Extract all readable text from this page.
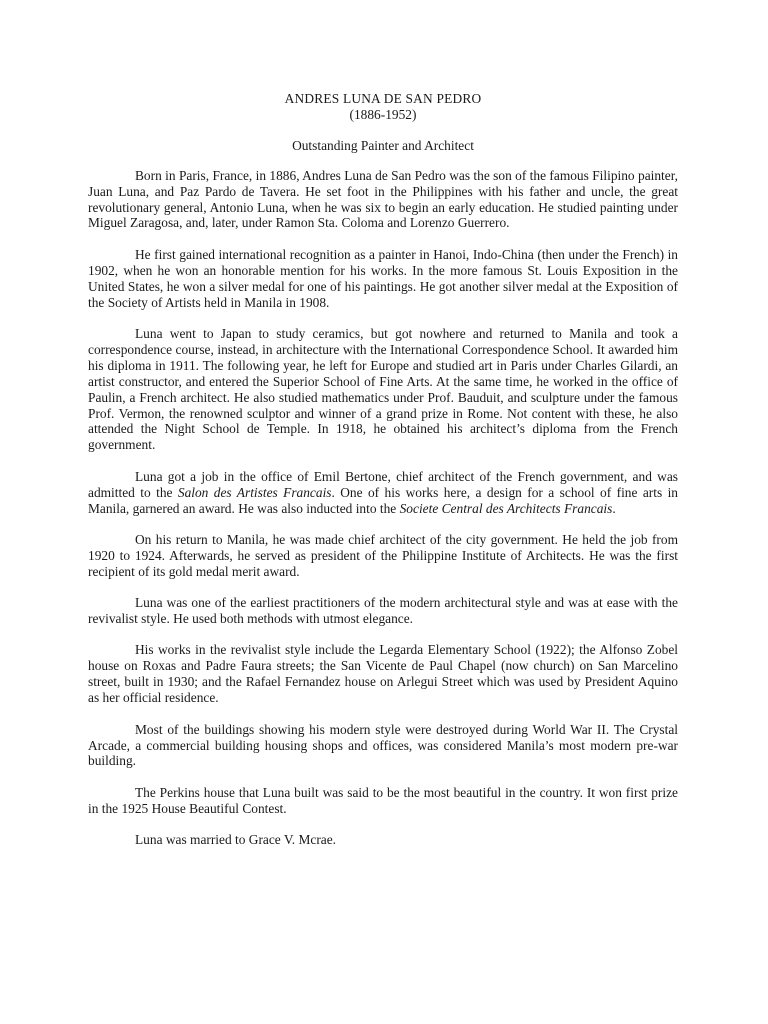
ANDRES LUNA DE SAN PEDRO

(1886-1952)

Outstanding Painter and Architect

Born in Paris, France, in 1886, Andres Luna de San Pedro was the son of the famous Filipino painter, Juan Luna, and Paz Pardo de Tavera. He set foot in the Philippines with his father and uncle, the great revolutionary general, Antonio Luna, when he was six to begin an early education. He studied painting under Miguel Zaragosa, and, later, under Ramon Sta. Coloma and Lorenzo Guerrero.

He first gained international recognition as a painter in Hanoi, Indo-China (then under the French) in 1902, when he won an honorable mention for his works. In the more famous St. Louis Exposition in the United States, he won a silver medal for one of his paintings. He got another silver medal at the Exposition of the Society of Artists held in Manila in 1908.

Luna went to Japan to study ceramics, but got nowhere and returned to Manila and took a correspondence course, instead, in architecture with the International Correspondence School. It awarded him his diploma in 1911. The following year, he left for Europe and studied art in Paris under Charles Gilardi, an artist constructor, and entered the Superior School of Fine Arts. At the same time, he worked in the office of Paulin, a French architect. He also studied mathematics under Prof. Bauduit, and sculpture under the famous Prof. Vermon, the renowned sculptor and winner of a grand prize in Rome. Not content with these, he also attended the Night School de Temple. In 1918, he obtained his architect’s diploma from the French government.

Luna got a job in the office of Emil Bertone, chief architect of the French government, and was admitted to the Salon des Artistes Francais. One of his works here, a design for a school of fine arts in Manila, garnered an award. He was also inducted into the Societe Central des Architects Francais.

On his return to Manila, he was made chief architect of the city government. He held the job from 1920 to 1924. Afterwards, he served as president of the Philippine Institute of Architects. He was the first recipient of its gold medal merit award.

Luna was one of the earliest practitioners of the modern architectural style and was at ease with the revivalist style. He used both methods with utmost elegance.

His works in the revivalist style include the Legarda Elementary School (1922); the Alfonso Zobel house on Roxas and Padre Faura streets; the San Vicente de Paul Chapel (now church) on San Marcelino street, built in 1930; and the Rafael Fernandez house on Arlegui Street which was used by President Aquino as her official residence.

Most of the buildings showing his modern style were destroyed during World War II. The Crystal Arcade, a commercial building housing shops and offices, was considered Manila’s most modern pre-war building.

The Perkins house that Luna built was said to be the most beautiful in the country. It won first prize in the 1925 House Beautiful Contest.

Luna was married to Grace V. Mcrae.
